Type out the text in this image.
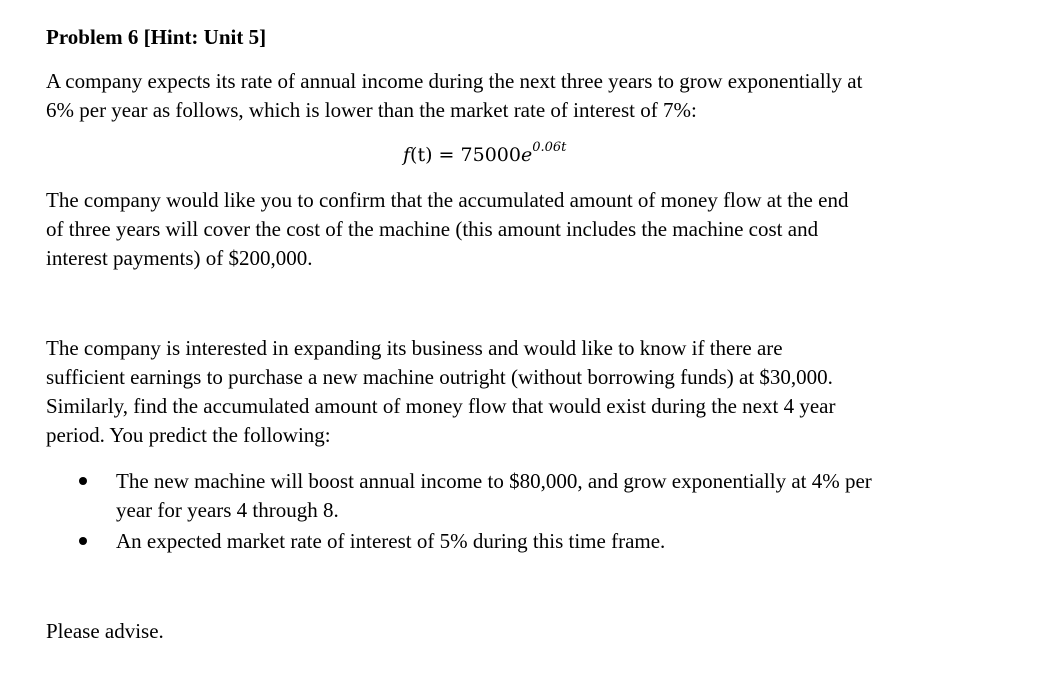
Problem 6 [Hint: Unit 5]
A company expects its rate of annual income during the next three years to grow exponentially at
6% per year as follows, which is lower than the market rate of interest of 7%:
$f(t) = 75000e^{0.06t}$
The company would like you to confirm that the accumulated amount of money flow at the end
of three years will cover the cost of the machine (this amount includes the machine cost and
interest payments) of $200,000.
The company is interested in expanding its business and would like to know if there are
sufficient earnings to purchase a new machine outright (without borrowing funds) at $30,000.
Similarly, find the accumulated amount of money flow that would exist during the next 4 year
period. You predict the following:
The new machine will boost annual income to $80,000, and grow exponentially at 4% per
year for years 4 through 8.
An expected market rate of interest of 5% during this time frame.
Please advise.
